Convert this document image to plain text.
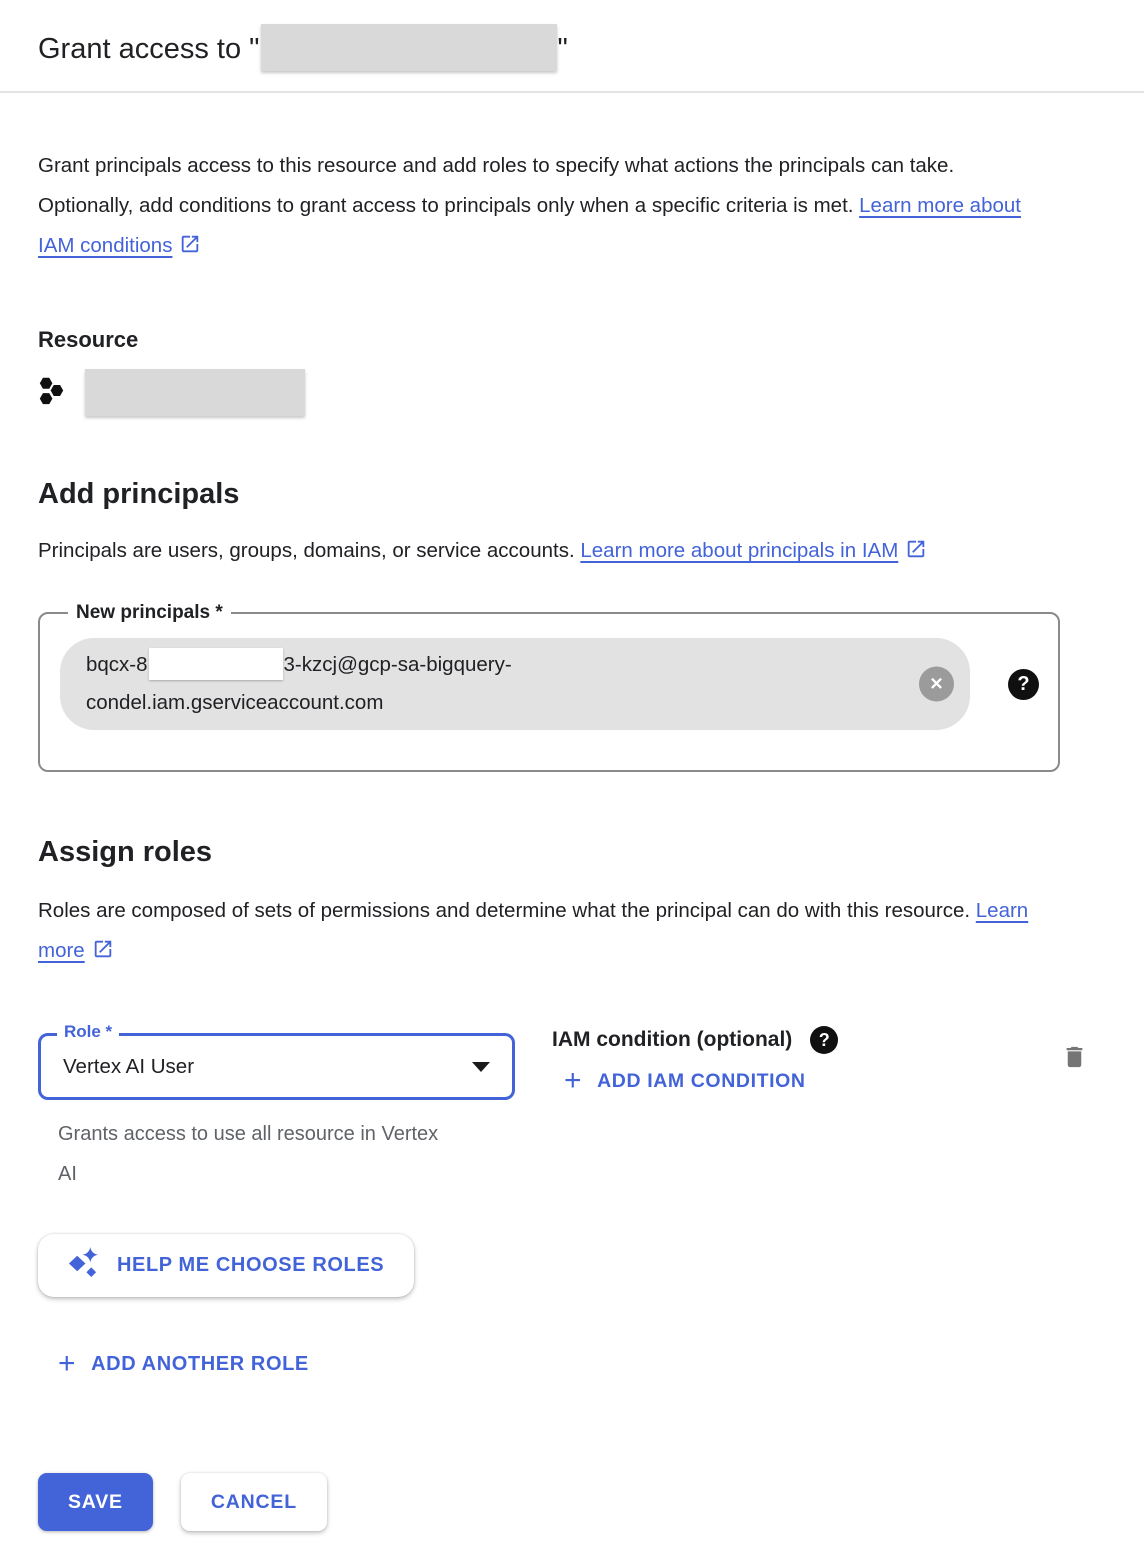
Grant access to "	"

Grant principals access to this resource and add roles to specify what actions the principals can take. Optionally, add conditions to grant access to principals only when a specific criteria is met. Learn more about IAM conditions

Resource
Add principals

Principals are users, groups, domains, or service accounts. Learn more about principals in IAM

New principals *
bqcx-8	3-kzcj@gcp-sa-bigquery-
condel.iam.gserviceaccount.com
✕	?
Assign roles

Roles are composed of sets of permissions and determine what the principal can do with this resource. Learn more

Role *
Vertex AI User
Grants access to use all resource in Vertex AI
IAM condition (optional) ?
+ ADD IAM CONDITION
HELP ME CHOOSE ROLES
+ ADD ANOTHER ROLE
SAVE	CANCEL
